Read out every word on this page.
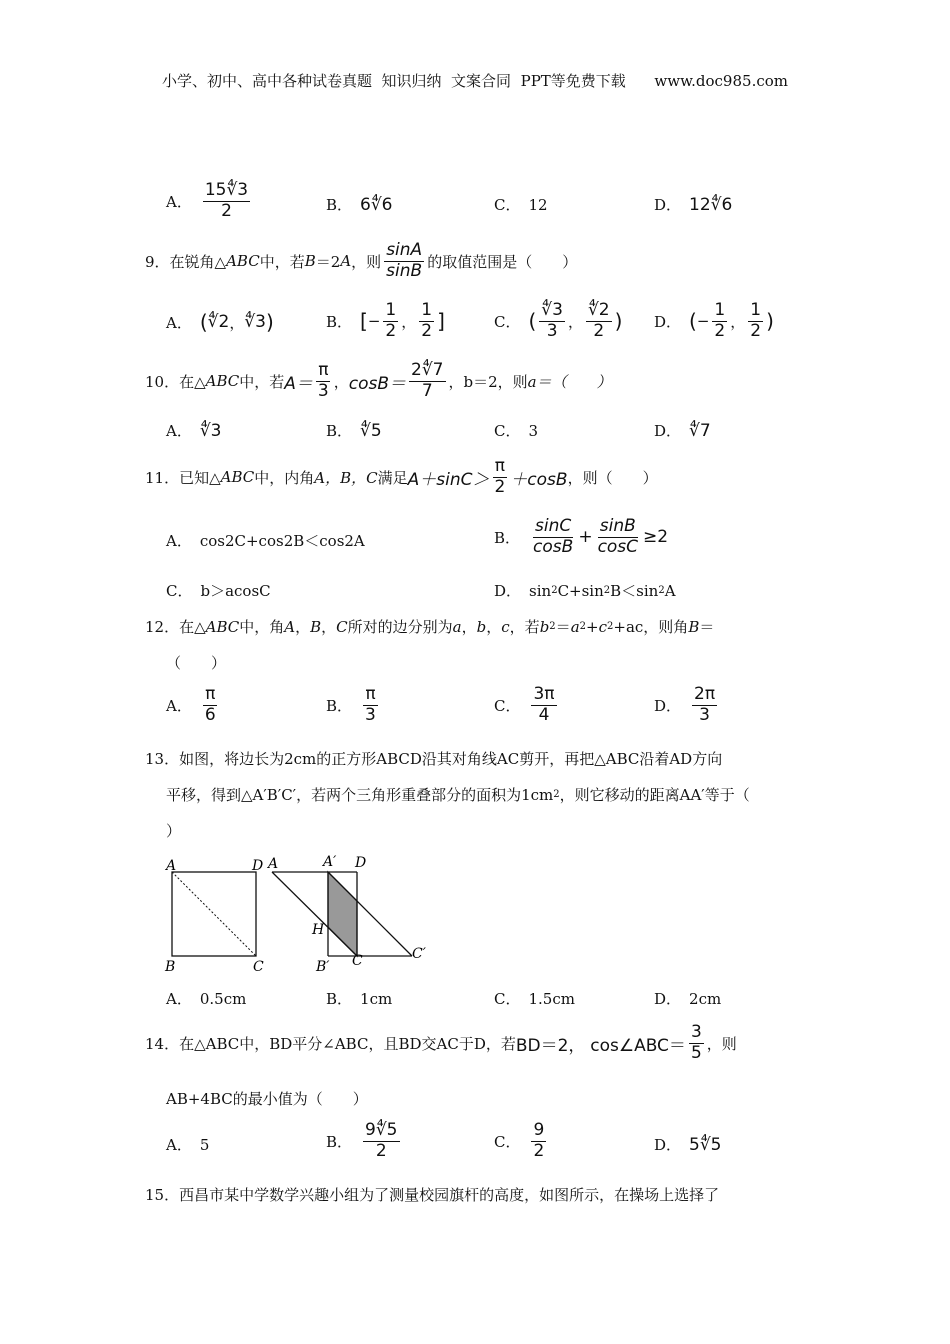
小学、初中、高中各种试卷真题  知识归纳  文案合同  PPT等免费下载      www.doc985.com
A． $\frac{15∜3}{2}$	B． 6∜6	C． 12	D． 12∜6
9．在锐角△ ABC 中，若 B ＝2 A ，则 $\frac{\sin A}{\sin B}$ 的取值范围是（　　）
A． ( ∜2 ， ∜3 )	B． [ − $\frac{1}{2}$ ， $\frac{1}{2}$ ]	C． ( $\frac{∜3}{3}$ ， $\frac{∜2}{2}$ ) D． ( − $\frac{1}{2}$ ， $\frac{1}{2}$ )
10．在△ ABC 中，若 $A= \frac{\pi}{3}$ ， $\cos B= \frac{2∜7}{7}$ ，b＝2，则 a＝（　　）
A． ∜3	B． ∜5	C． 3	D． ∜7
11．已知△ ABC 中，内角 A，B，C 满足 $A+\sin C> \frac{\pi}{2} +\cos B$ ，则（　　）
A． cos2C+cos2B＜cos2A	B． $\frac{\sin C}{\cos B} + \frac{\sin B}{\cos C} \ge 2$
C． b＞acosC	D． sin 2 C+sin 2 B＜sin 2 A
12．在△ ABC 中，角 A ， B ， C 所对的边分别为 a ， b ， c ，若 b 2 ＝ a 2 + c 2 +ac ，则角 B ＝
（　　）
A． $\frac{\pi}{6}$	B． $\frac{\pi}{3}$	C． $\frac{3\pi}{4}$	D． $\frac{2\pi}{3}$
13．如图，将边长为2cm的正方形ABCD沿其对角线AC剪开，再把△ABC沿着AD方向
平移，得到△A′B′C′，若两个三角形重叠部分的面积为1cm 2 ，则它移动的距离AA′等于（
）
A	D
B	C
A	A′ D
H
B′ C	C′
A． 0.5cm	B． 1cm	C． 1.5cm	D． 2cm
14．在△ABC中，BD平分∠ABC，且BD交AC于D，若 BD＝2，
cos∠ABC＝ $\frac{3}{5}$ ，则
AB+4BC的最小值为（　　）
A． 5	B． $\frac{9∜5}{2}$	C． $\frac{9}{2}$	D． 5∜5
15．西昌市某中学数学兴趣小组为了测量校园旗杆的高度，如图所示，在操场上选择了
